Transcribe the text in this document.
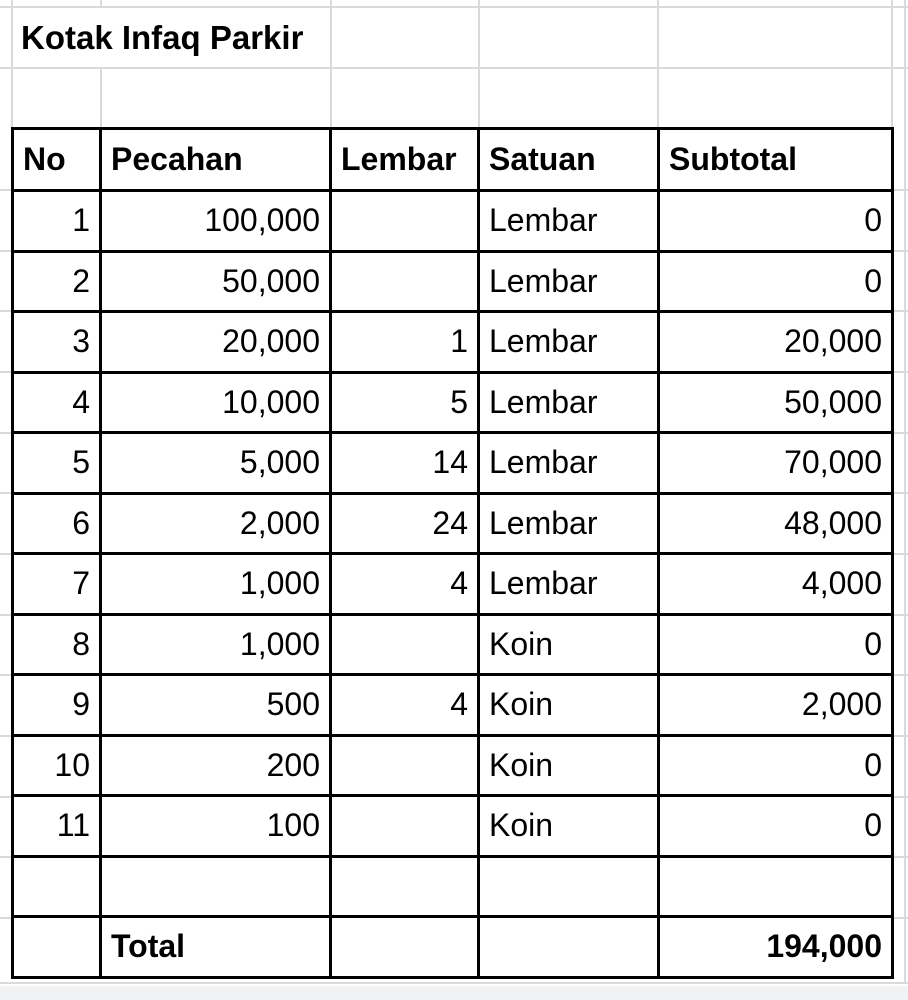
Kotak Infaq Parkir
No	Pecahan	Lembar	Satuan	Subtotal
1	100,000		Lembar	0
2	50,000		Lembar	0
3	20,000	1	Lembar	20,000
4	10,000	5	Lembar	50,000
5	5,000	14	Lembar	70,000
6	2,000	24	Lembar	48,000
7	1,000	4	Lembar	4,000
8	1,000		Koin	0
9	500	4	Koin	2,000
10	200		Koin	0
11	100		Koin	0

	Total			194,000
